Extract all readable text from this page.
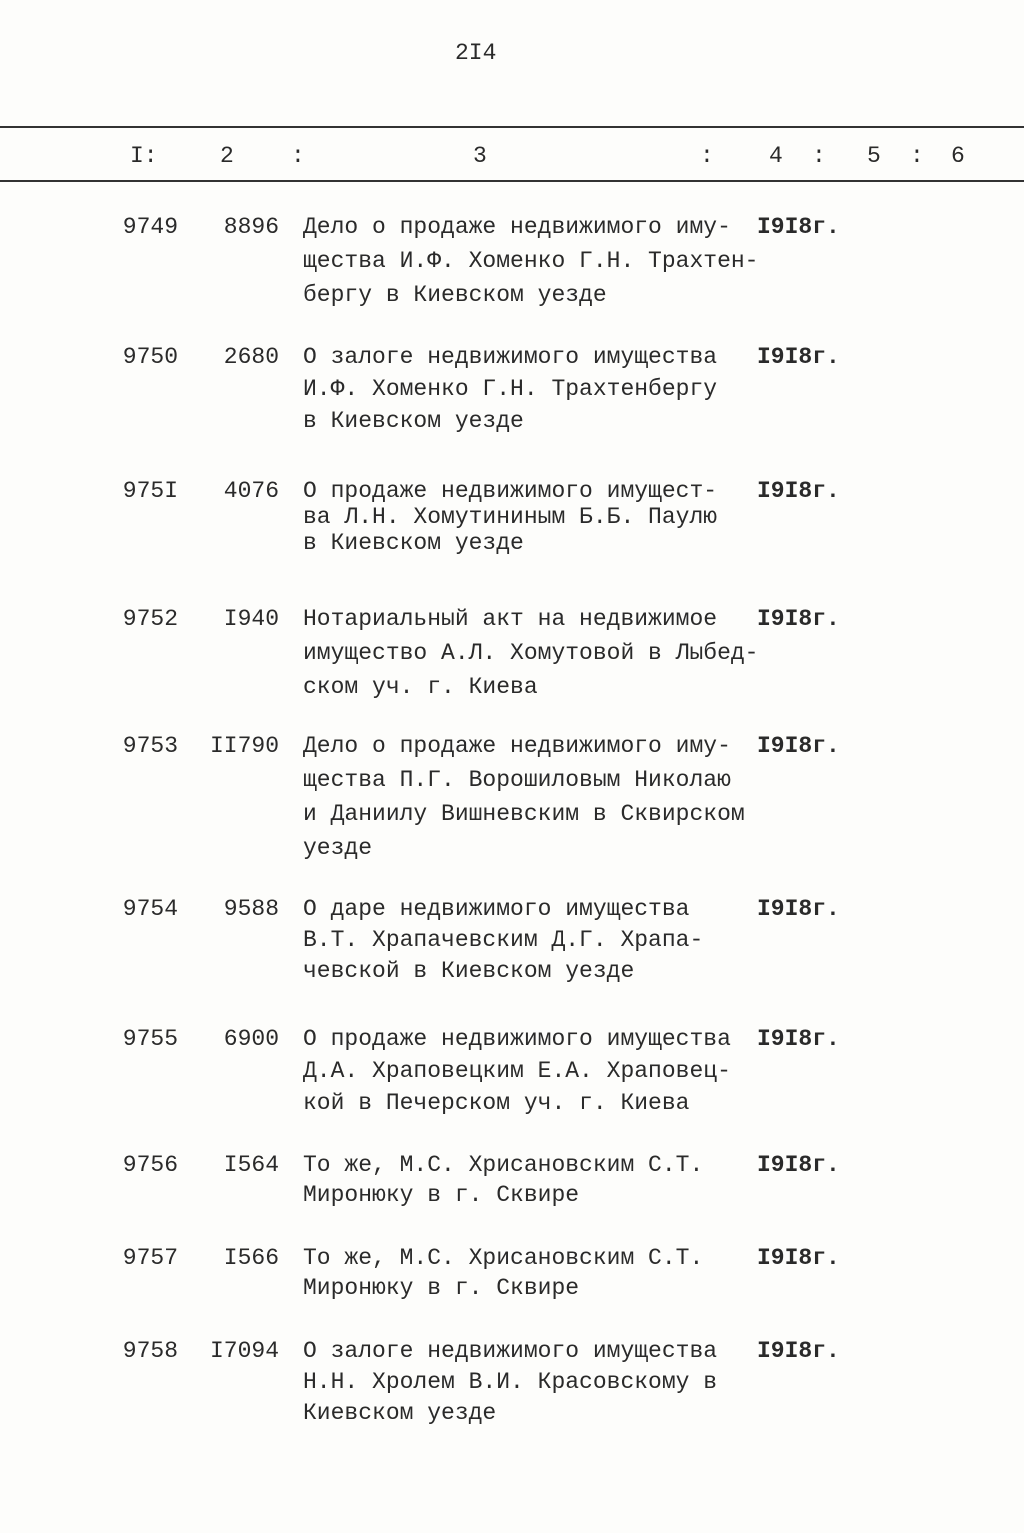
2I4
I:	2 :	3	: 4 : 5 : 6
9749 8896 Дело о продаже недвижимого иму-
щества И.Ф. Хоменко Г.Н. Трахтен-
бергу в Киевском уезде
I9I8г.
9750 2680 О залоге недвижимого имущества
И.Ф. Хоменко Г.Н. Трахтенбергу
в Киевском уезде
I9I8г.
975I 4076 О продаже недвижимого имущест-
ва Л.Н. Хомутининым Б.Б. Паулю
в Киевском уезде
I9I8г.
9752 I940 Нотариальный акт на недвижимое
имущество А.Л. Хомутовой в Лыбед-
ском уч. г. Киева
I9I8г.
9753 II790 Дело о продаже недвижимого иму-
щества П.Г. Ворошиловым Николаю
и Даниилу Вишневским в Сквирском
уезде
I9I8г.
9754 9588 О даре недвижимого имущества
В.Т. Храпачевским Д.Г. Храпа-
чевской в Киевском уезде
I9I8г.
9755 6900 О продаже недвижимого имущества
Д.А. Храповецким Е.А. Храповец-
кой в Печерском уч. г. Киева
I9I8г.
9756 I564 То же, М.С. Хрисановским С.Т.
Миронюку в г. Сквире
I9I8г.
9757 I566 То же, М.С. Хрисановским С.Т.
Миронюку в г. Сквире
I9I8г.
9758 I7094 О залоге недвижимого имущества
Н.Н. Хролем В.И. Красовскому в
Киевском уезде
I9I8г.
